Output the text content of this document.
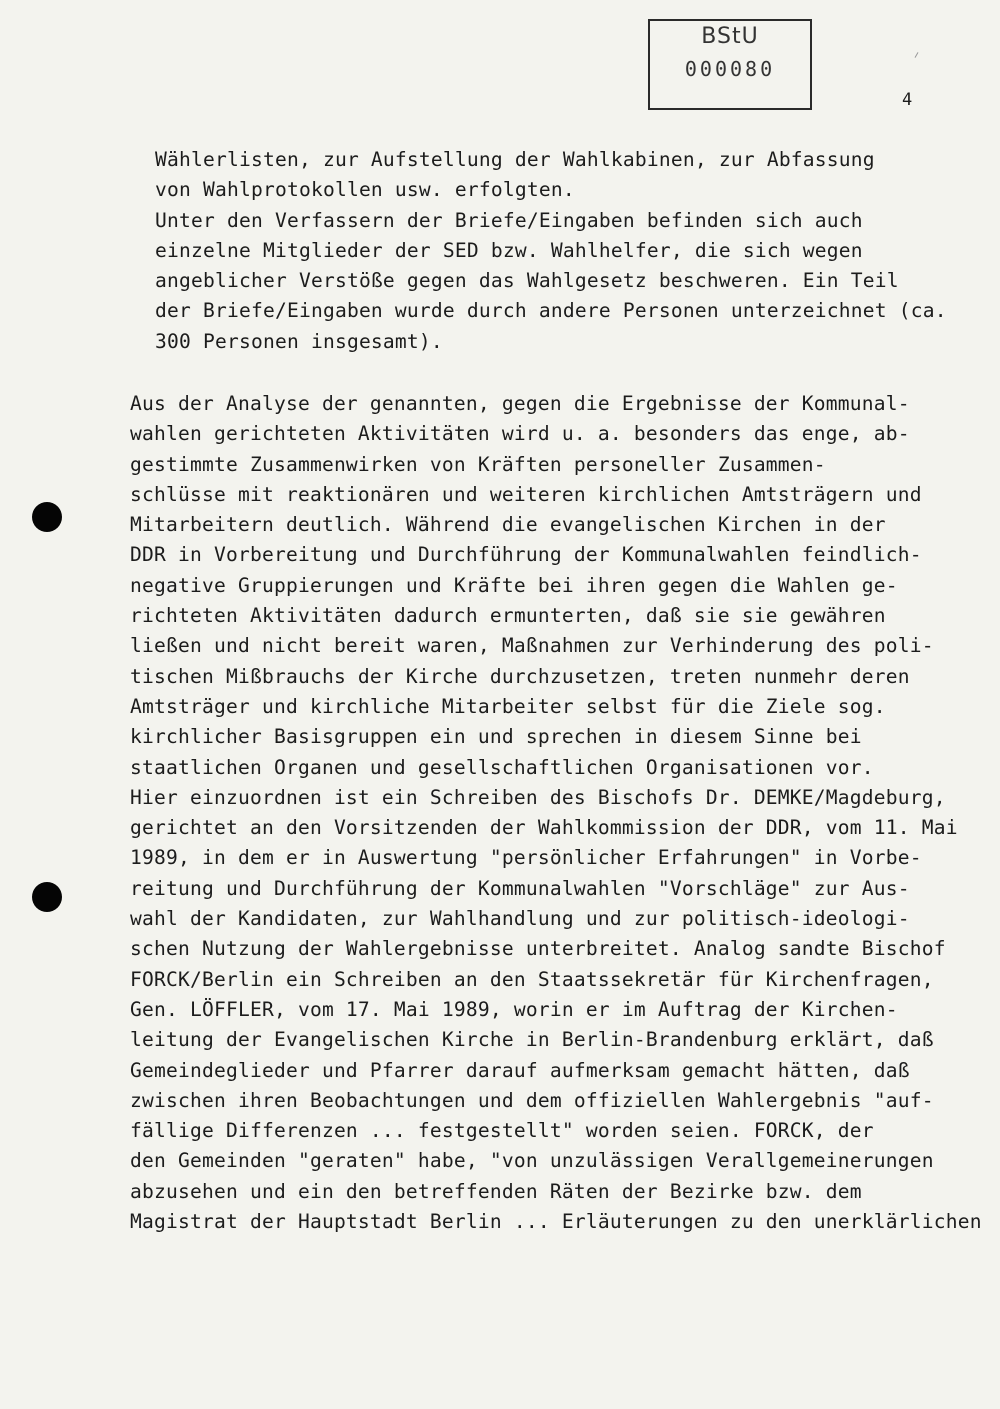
BStU
000080
4
Wählerlisten, zur Aufstellung der Wahlkabinen, zur Abfassung
von Wahlprotokollen usw. erfolgten.
Unter den Verfassern der Briefe/Eingaben befinden sich auch
einzelne Mitglieder der SED bzw. Wahlhelfer, die sich wegen
angeblicher Verstöße gegen das Wahlgesetz beschweren. Ein Teil
der Briefe/Eingaben wurde durch andere Personen unterzeichnet (ca.
300 Personen insgesamt).
Aus der Analyse der genannten, gegen die Ergebnisse der Kommunal-
wahlen gerichteten Aktivitäten wird u. a. besonders das enge, ab-
gestimmte Zusammenwirken von Kräften personeller Zusammen-
schlüsse mit reaktionären und weiteren kirchlichen Amtsträgern und
Mitarbeitern deutlich. Während die evangelischen Kirchen in der
DDR in Vorbereitung und Durchführung der Kommunalwahlen feindlich-
negative Gruppierungen und Kräfte bei ihren gegen die Wahlen ge-
richteten Aktivitäten dadurch ermunterten, daß sie sie gewähren
ließen und nicht bereit waren, Maßnahmen zur Verhinderung des poli-
tischen Mißbrauchs der Kirche durchzusetzen, treten nunmehr deren
Amtsträger und kirchliche Mitarbeiter selbst für die Ziele sog.
kirchlicher Basisgruppen ein und sprechen in diesem Sinne bei
staatlichen Organen und gesellschaftlichen Organisationen vor.
Hier einzuordnen ist ein Schreiben des Bischofs Dr. DEMKE/Magdeburg,
gerichtet an den Vorsitzenden der Wahlkommission der DDR, vom 11. Mai
1989, in dem er in Auswertung "persönlicher Erfahrungen" in Vorbe-
reitung und Durchführung der Kommunalwahlen "Vorschläge" zur Aus-
wahl der Kandidaten, zur Wahlhandlung und zur politisch-ideologi-
schen Nutzung der Wahlergebnisse unterbreitet. Analog sandte Bischof
FORCK/Berlin ein Schreiben an den Staatssekretär für Kirchenfragen,
Gen. LÖFFLER, vom 17. Mai 1989, worin er im Auftrag der Kirchen-
leitung der Evangelischen Kirche in Berlin-Brandenburg erklärt, daß
Gemeindeglieder und Pfarrer darauf aufmerksam gemacht hätten, daß
zwischen ihren Beobachtungen und dem offiziellen Wahlergebnis "auf-
fällige Differenzen ... festgestellt" worden seien. FORCK, der
den Gemeinden "geraten" habe, "von unzulässigen Verallgemeinerungen
abzusehen und ein den betreffenden Räten der Bezirke bzw. dem
Magistrat der Hauptstadt Berlin ... Erläuterungen zu den unerklärlichen
